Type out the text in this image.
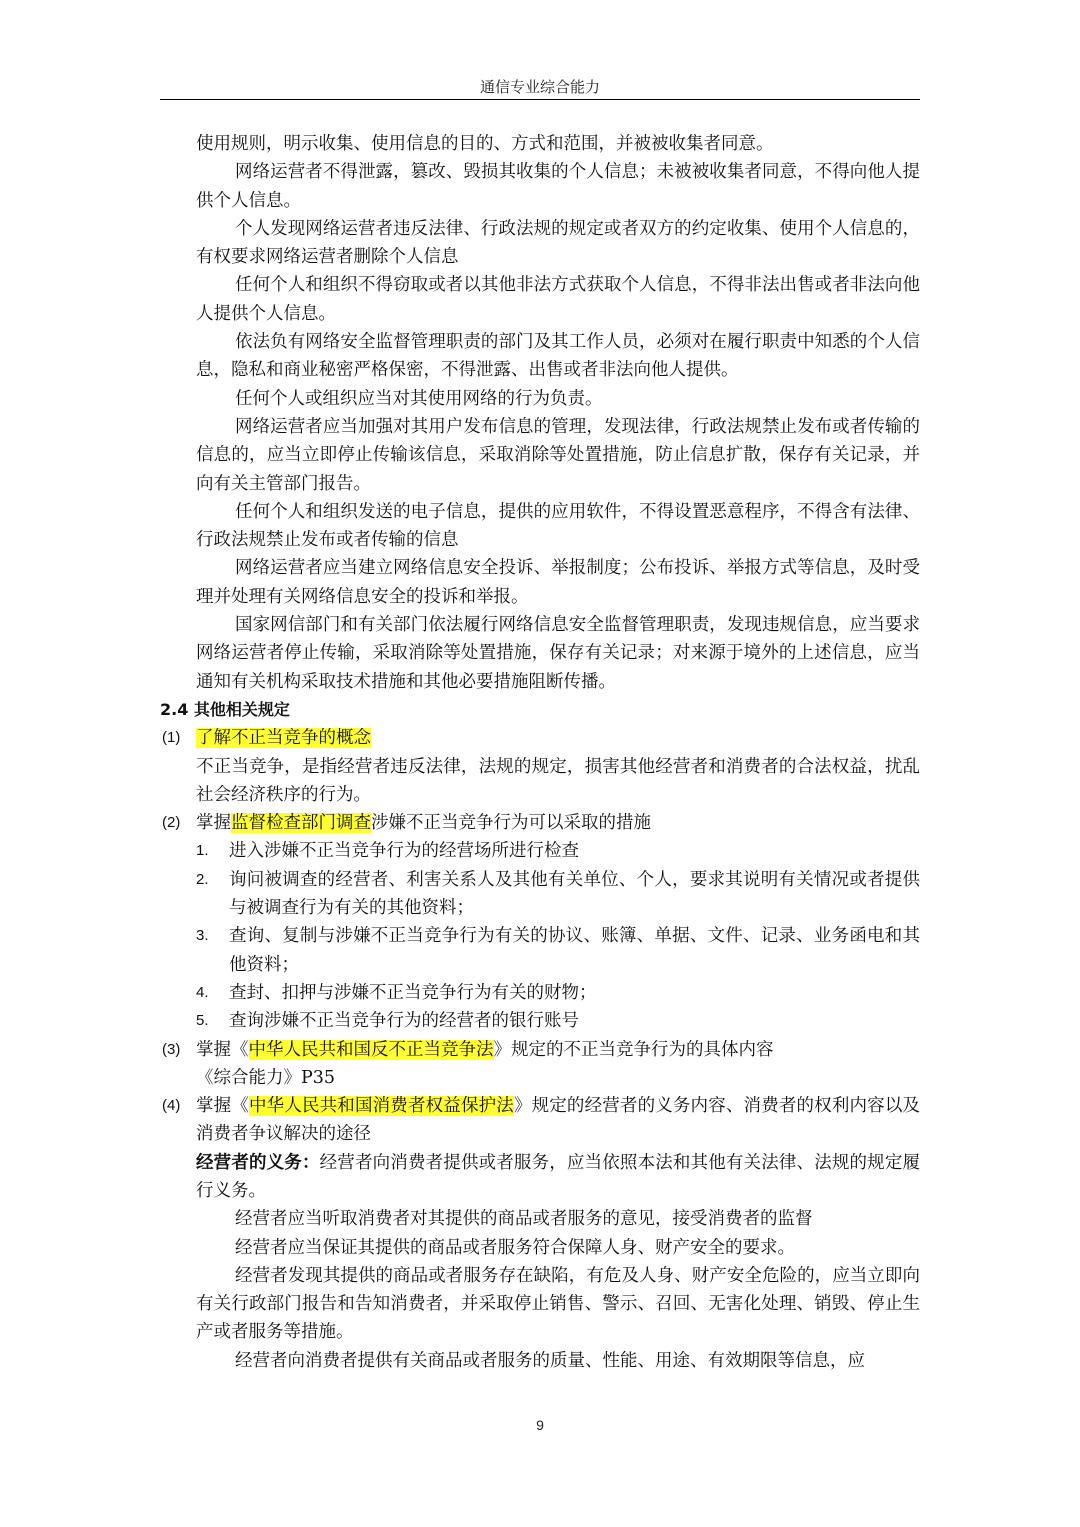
通信专业综合能力

使用规则，明示收集、使用信息的目的、方式和范围，并被被收集者同意。

网络运营者不得泄露，篡改、毁损其收集的个人信息；未被被收集者同意，不得向他人提供个人信息。

个人发现网络运营者违反法律、行政法规的规定或者双方的约定收集、使用个人信息的，有权要求网络运营者删除个人信息

任何个人和组织不得窃取或者以其他非法方式获取个人信息，不得非法出售或者非法向他人提供个人信息。

依法负有网络安全监督管理职责的部门及其工作人员，必须对在履行职责中知悉的个人信息，隐私和商业秘密严格保密，不得泄露、出售或者非法向他人提供。

任何个人或组织应当对其使用网络的行为负责。

网络运营者应当加强对其用户发布信息的管理，发现法律，行政法规禁止发布或者传输的信息的，应当立即停止传输该信息，采取消除等处置措施，防止信息扩散，保存有关记录，并向有关主管部门报告。

任何个人和组织发送的电子信息，提供的应用软件，不得设置恶意程序，不得含有法律、行政法规禁止发布或者传输的信息

网络运营者应当建立网络信息安全投诉、举报制度；公布投诉、举报方式等信息，及时受理并处理有关网络信息安全的投诉和举报。

国家网信部门和有关部门依法履行网络信息安全监督管理职责，发现违规信息，应当要求网络运营者停止传输，采取消除等处置措施，保存有关记录；对来源于境外的上述信息，应当通知有关机构采取技术措施和其他必要措施阻断传播。

2.4 其他相关规定

(1) 了解不正当竞争的概念

不正当竞争，是指经营者违反法律，法规的规定，损害其他经营者和消费者的合法权益，扰乱社会经济秩序的行为。

(2) 掌握监督检查部门调查涉嫌不正当竞争行为可以采取的措施

1. 进入涉嫌不正当竞争行为的经营场所进行检查

2. 询问被调查的经营者、利害关系人及其他有关单位、个人，要求其说明有关情况或者提供与被调查行为有关的其他资料；

3. 查询、复制与涉嫌不正当竞争行为有关的协议、账簿、单据、文件、记录、业务函电和其他资料；

4. 查封、扣押与涉嫌不正当竞争行为有关的财物；

5. 查询涉嫌不正当竞争行为的经营者的银行账号

(3) 掌握《中华人民共和国反不正当竞争法》规定的不正当竞争行为的具体内容

《综合能力》P35

(4) 掌握《中华人民共和国消费者权益保护法》规定的经营者的义务内容、消费者的权利内容以及消费者争议解决的途径

经营者的义务：经营者向消费者提供或者服务，应当依照本法和其他有关法律、法规的规定履行义务。

经营者应当听取消费者对其提供的商品或者服务的意见，接受消费者的监督

经营者应当保证其提供的商品或者服务符合保障人身、财产安全的要求。

经营者发现其提供的商品或者服务存在缺陷，有危及人身、财产安全危险的，应当立即向有关行政部门报告和告知消费者，并采取停止销售、警示、召回、无害化处理、销毁、停止生产或者服务等措施。

经营者向消费者提供有关商品或者服务的质量、性能、用途、有效期限等信息，应

9
